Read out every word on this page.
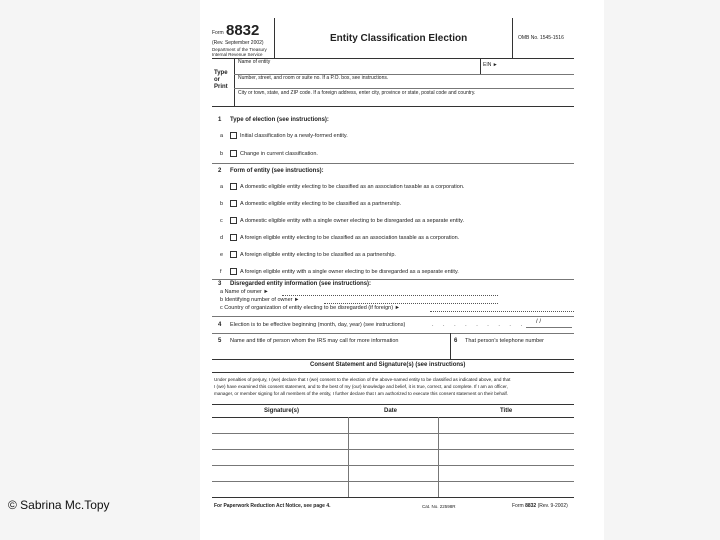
Form 8832
(Rev. September 2002)
Department of the Treasury
Internal Revenue Service
Entity Classification Election	OMB No. 1545-1516
Type
or
Print
Name of entity	EIN ►
Number, street, and room or suite no. If a P.O. box, see instructions.
City or town, state, and ZIP code. If a foreign address, enter city, province or state, postal code and country.
1 Type of election (see instructions):
a	Initial classification by a newly-formed entity.
b	Change in current classification.
2 Form of entity (see instructions):
a	A domestic eligible entity electing to be classified as an association taxable as a corporation.
b	A domestic eligible entity electing to be classified as a partnership.
c	A domestic eligible entity with a single owner electing to be disregarded as a separate entity.
d	A foreign eligible entity electing to be classified as an association taxable as a corporation.
e	A foreign eligible entity electing to be classified as a partnership.
f	A foreign eligible entity with a single owner electing to be disregarded as a separate entity.
3 Disregarded entity information (see instructions):
a Name of owner ►
b Identifying number of owner ►
c Country of organization of entity electing to be disregarded (if foreign) ►
4 Election is to be effective beginning (month, day, year) (see instructions)	. . . . . . . . . / /
5 Name and title of person whom the IRS may call for more information	6 That person's telephone number
Consent Statement and Signature(s) (see instructions)
Under penalties of perjury, I (we) declare that I (we) consent to the election of the above-named entity to be classified as indicated above, and that
I (we) have examined this consent statement, and to the best of my (our) knowledge and belief, it is true, correct, and complete. If I am an officer,
manager, or member signing for all members of the entity, I further declare that I am authorized to execute this consent statement on their behalf.
Signature(s)	Date	Title
For Paperwork Reduction Act Notice, see page 4.	Cat. No. 22598R	Form 8832 (Rev. 9-2002)
© Sabrina Mc.Topy
